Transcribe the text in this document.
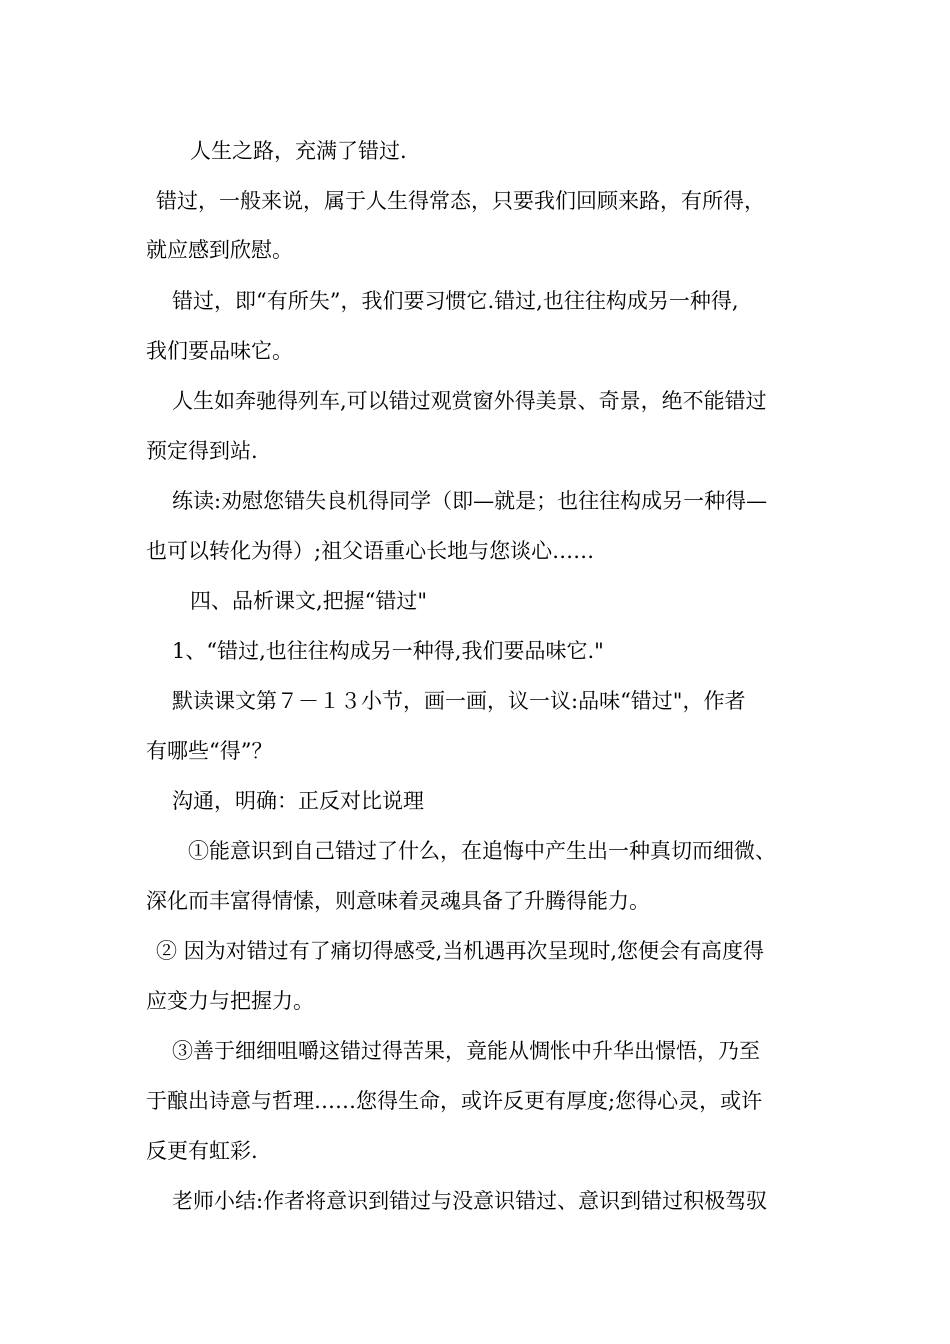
人生之路，充满了错过.
错过，一般来说，属于人生得常态，只要我们回顾来路，有所得，
就应感到欣慰。
错过，即“有所失”，我们要习惯它.错过,也往往构成另一种得,
我们要品味它。
人生如奔驰得列车,可以错过观赏窗外得美景、奇景，绝不能错过
预定得到站.
练读:劝慰您错失良机得同学（即—就是；也往往构成另一种得—
也可以转化为得）;祖父语重心长地与您谈心……
四、品析课文,把握“错过"
1、“错过,也往往构成另一种得,我们要品味它."
默读课文第７－１３小节，画一画，议一议:品味“错过"，作者
有哪些“得”？
沟通，明确：正反对比说理
①能意识到自己错过了什么，在追悔中产生出一种真切而细微、
深化而丰富得情愫，则意味着灵魂具备了升腾得能力。
② 因为对错过有了痛切得感受,当机遇再次呈现时,您便会有高度得
应变力与把握力。
③善于细细咀嚼这错过得苦果，竟能从惆怅中升华出憬悟，乃至
于酿出诗意与哲理……您得生命，或许反更有厚度;您得心灵，或许
反更有虹彩.
老师小结:作者将意识到错过与没意识错过、意识到错过积极驾驭
